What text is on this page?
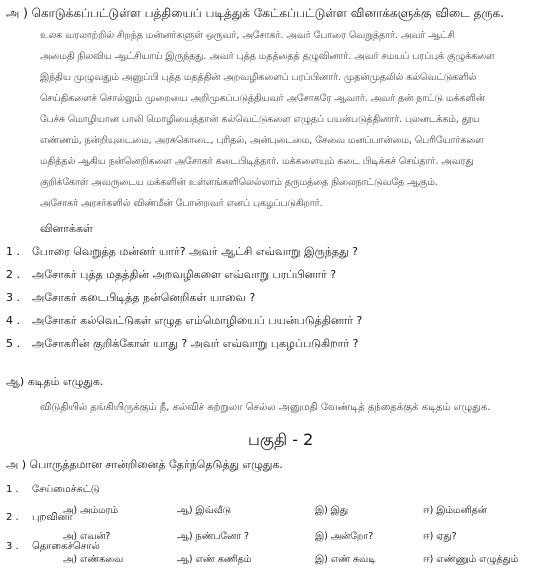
அ ) கொடுக்கப்பட்டுள்ள பத்தியைப் படித்துக் கேட்கப்பட்டுள்ள வினாக்களுக்கு விடை தருக.
உலக வரலாற்றில் சிறந்த மன்னர்களுள் ஒருவர், அசோகர். அவர் போரை வெறுத்தார். அவர் ஆட்சி
அமைதி நிலவிய ஆட்சியாய் இருந்தது. அவர் புத்த மதத்தைத் தழுவினார். அவர் சமயப் பரப்புக் குழுக்களை
இந்திய முழுவதும் அனுப்பி புத்த மதத்தின் அறவழிகளைப் பரப்பினார். முதன்முதலில் கல்வெட்டுகளில்
செய்திகளைச் சொல்லும் முறையை அறிமுகப்படுத்தியவர் அசோகரே ஆவார். அவர் தன் நாட்டு மக்களின்
பேச்சு மொழியான பாலி மொழியைத்தான் கல்வெட்டுகளை எழுதப் பயன்படுத்தினார். புலனடக்கம், தூய
எண்ணம், நன்றியுடைமை, அரசுகொடை, புரிதல், அன்புடைமை, சேவை மனப்பான்மை, பெரியோர்களை
மதித்தல் ஆகிய நன்னெறிகளை அசோகர் கடைபிடித்தார். மக்களையும் கடை பிடிக்கச் செய்தார். அவரது
குறிக்கோள் அவருடைய மக்களின் உள்ளங்களிலெல்லாம் தருமத்தை நிலைநாட்டுவதே ஆகும்.
அசோகர் அரசர்களில் விண்மீன் போன்றவர் எனப் புகழப்படுகிறார்.
வினாக்கள்
1 . போரை வெறுத்த மன்னர் யார்? அவர் ஆட்சி எவ்வாறு இருந்தது ?
2 . அசோகர் புத்த மதத்தின் அறவழிகளை எவ்வாறு பரப்பினார் ?
3 . அசோகர் கடைபிடித்த நன்னெறிகள் யாவை ?
4 . அசோகர் கல்வெட்டுகள் எழுத எம்மொழியைப் பயன்படுத்தினார் ?
5 . அசோகரின் குறிக்கோள் யாது ? அவர் எவ்வாறு புகழப்படுகிறார் ?
ஆ) கடிதம் எழுதுக.
விடுதியில் தங்கியிருக்கும் நீ, கல்விச் சுற்றுலா செல்ல அனுமதி வேண்டித் தந்தைக்குக் கடிதம் எழுதுக.
பகுதி - 2
அ ) பொருத்தமான சான்றினைத் தேர்ந்தெடுத்து எழுதுக.
1 . சேய்மைச்சுட்டு
அ) அம்மரம்	ஆ) இவ்வீடு	இ) இது	ஈ) இம்மனிதன்
2 . புறவினா
அ) எவன்?	ஆ) நண்பனோ ?	இ) அன்றோ?	ஈ) ஏது?
3 . தொகைச்சொல்
அ) எண்கவை	ஆ) எண் கணிதம்	இ) எண் சுவடி	ஈ) எண்ணும் எழுத்தும்
